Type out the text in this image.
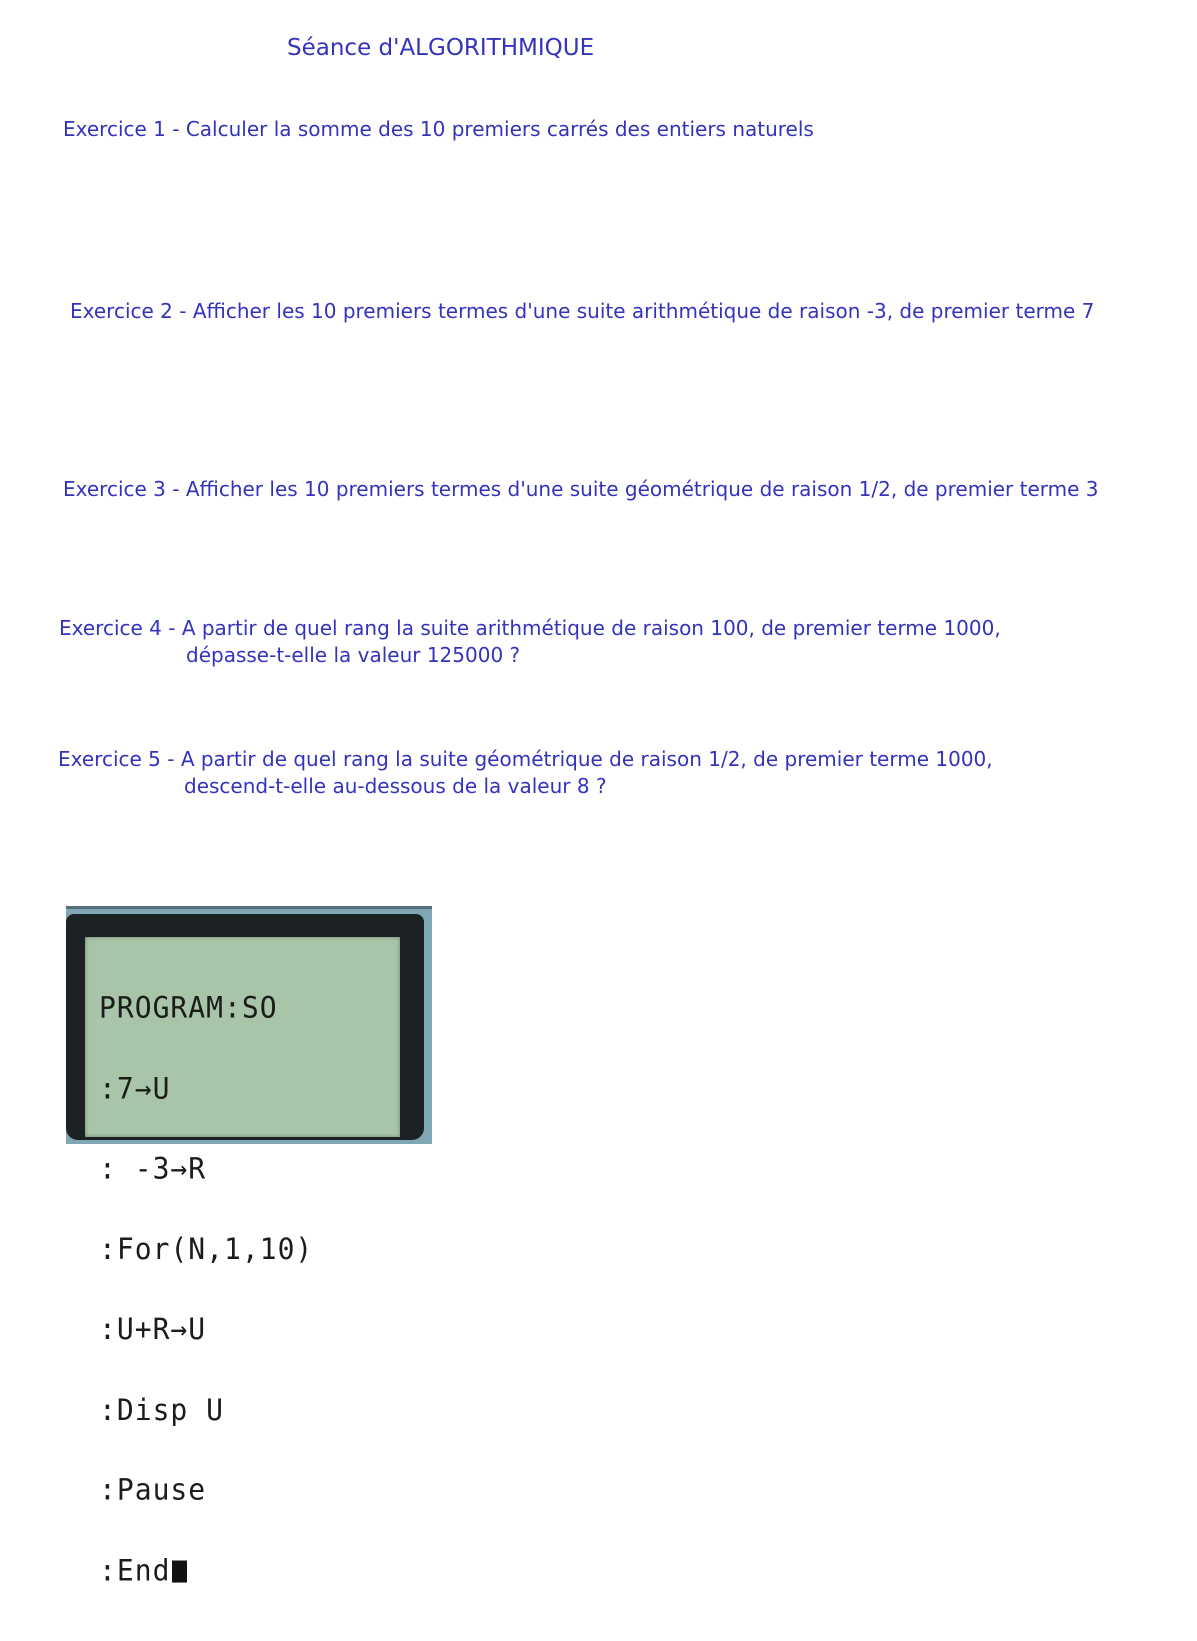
Séance d'ALGORITHMIQUE

Exercice 1 - Calculer la somme des 10 premiers carrés des entiers naturels

Exercice 2 - Afficher les 10 premiers termes d'une suite arithmétique de raison -3, de premier terme 7

Exercice 3 - Afficher les 10 premiers termes d'une suite géométrique de raison 1/2, de premier terme 3

Exercice 4 - A partir de quel rang la suite arithmétique de raison 100, de premier terme 1000,

dépasse-t-elle la valeur 125000 ?

Exercice 5 - A partir de quel rang la suite géométrique de raison 1/2, de premier terme 1000,

descend-t-elle au-dessous de la valeur 8 ?

PROGRAM:SO

:7→U

: -3→R

:For(N,1,10)

:U+R→U

:Disp U

:Pause

:End
